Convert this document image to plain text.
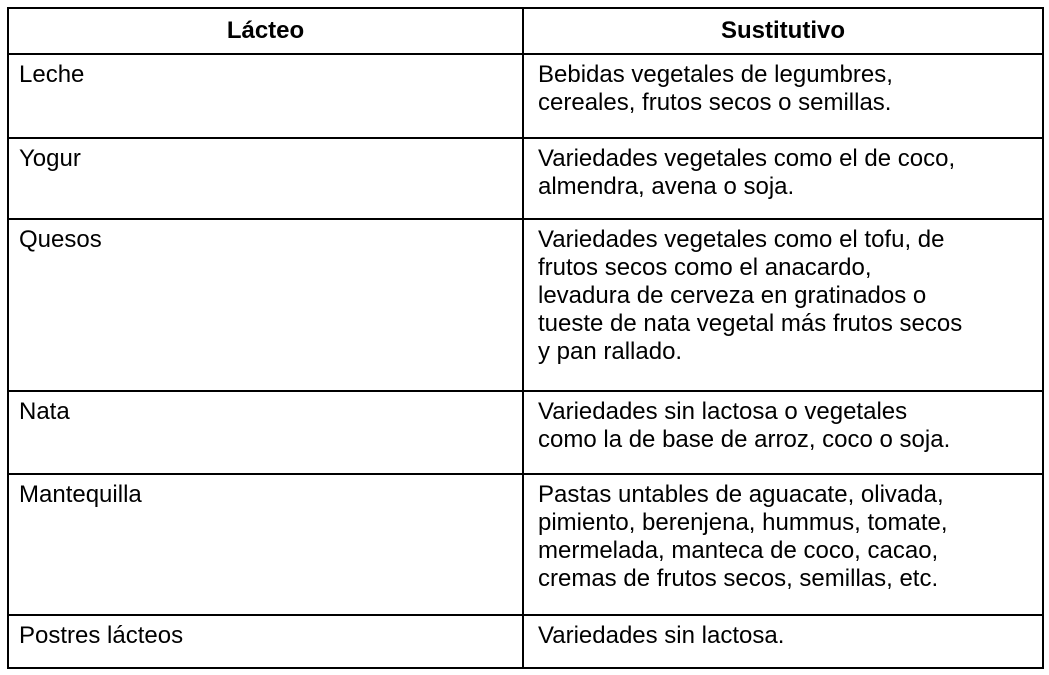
Lácteo	Sustitutivo
Leche	Bebidas vegetales de legumbres,
cereales, frutos secos o semillas.

Yogur	Variedades vegetales como el de coco,
almendra, avena o soja.

Quesos	Variedades vegetales como el tofu, de
frutos secos como el anacardo,
levadura de cerveza en gratinados o
tueste de nata vegetal más frutos secos
y pan rallado.

Nata	Variedades sin lactosa o vegetales
como la de base de arroz, coco o soja.

Mantequilla	Pastas untables de aguacate, olivada,
pimiento, berenjena, hummus, tomate,
mermelada, manteca de coco, cacao,
cremas de frutos secos, semillas, etc.

Postres lácteos	Variedades sin lactosa.
